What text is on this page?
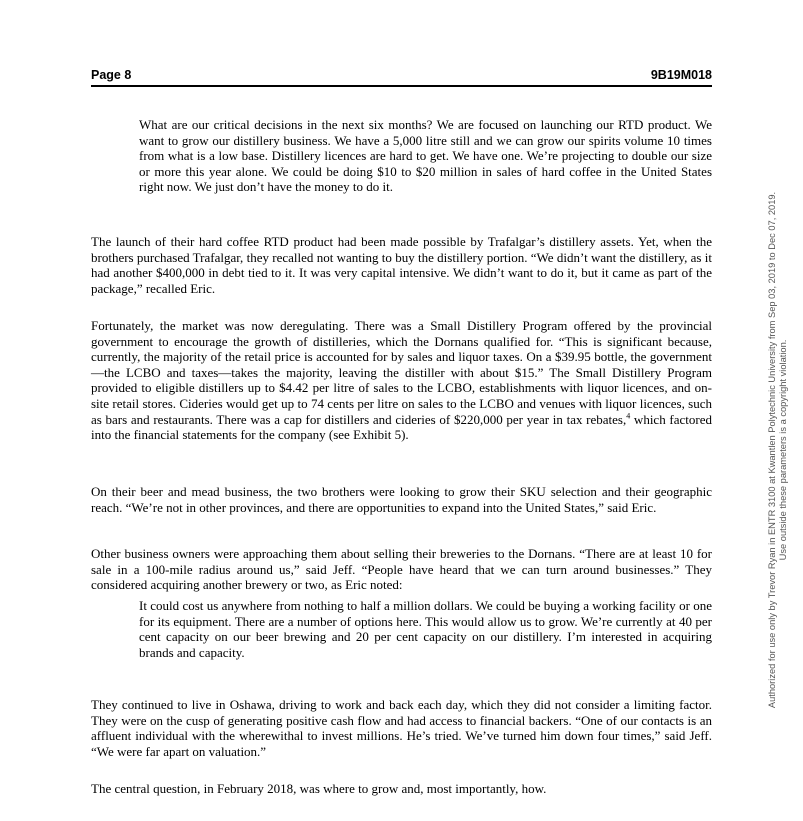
Page 8	9B19M018

What are our critical decisions in the next six months? We are focused on launching our RTD product. We want to grow our distillery business. We have a 5,000 litre still and we can grow our spirits volume 10 times from what is a low base. Distillery licences are hard to get. We have one. We’re projecting to double our size or more this year alone. We could be doing $10 to $20 million in sales of hard coffee in the United States right now. We just don’t have the money to do it.

The launch of their hard coffee RTD product had been made possible by Trafalgar’s distillery assets. Yet, when the brothers purchased Trafalgar, they recalled not wanting to buy the distillery portion. “We didn’t want the distillery, as it had another $400,000 in debt tied to it. It was very capital intensive. We didn’t want to do it, but it came as part of the package,” recalled Eric.

Fortunately, the market was now deregulating. There was a Small Distillery Program offered by the provincial government to encourage the growth of distilleries, which the Dornans qualified for. “This is significant because, currently, the majority of the retail price is accounted for by sales and liquor taxes. On a $39.95 bottle, the government—the LCBO and taxes—takes the majority, leaving the distiller with about $15.” The Small Distillery Program provided to eligible distillers up to $4.42 per litre of sales to the LCBO, establishments with liquor licences, and on-site retail stores. Cideries would get up to 74 cents per litre on sales to the LCBO and venues with liquor licences, such as bars and restaurants. There was a cap for distillers and cideries of $220,000 per year in tax rebates,$^4$ which factored into the financial statements for the company (see Exhibit 5).

On their beer and mead business, the two brothers were looking to grow their SKU selection and their geographic reach. “We’re not in other provinces, and there are opportunities to expand into the United States,” said Eric.

Other business owners were approaching them about selling their breweries to the Dornans. “There are at least 10 for sale in a 100-mile radius around us,” said Jeff. “People have heard that we can turn around businesses.” They considered acquiring another brewery or two, as Eric noted:

It could cost us anywhere from nothing to half a million dollars. We could be buying a working facility or one for its equipment. There are a number of options here. This would allow us to grow. We’re currently at 40 per cent capacity on our beer brewing and 20 per cent capacity on our distillery. I’m interested in acquiring brands and capacity.

They continued to live in Oshawa, driving to work and back each day, which they did not consider a limiting factor. They were on the cusp of generating positive cash flow and had access to financial backers. “One of our contacts is an affluent individual with the wherewithal to invest millions. He’s tried. We’ve turned him down four times,” said Jeff. “We were far apart on valuation.”

The central question, in February 2018, was where to grow and, most importantly, how.

Authorized for use only by Trevor Ryan in ENTR 3100 at Kwantlen Polytechnic University from Sep 03, 2019 to Dec 07, 2019. Use outside these parameters is a copyright violation.
